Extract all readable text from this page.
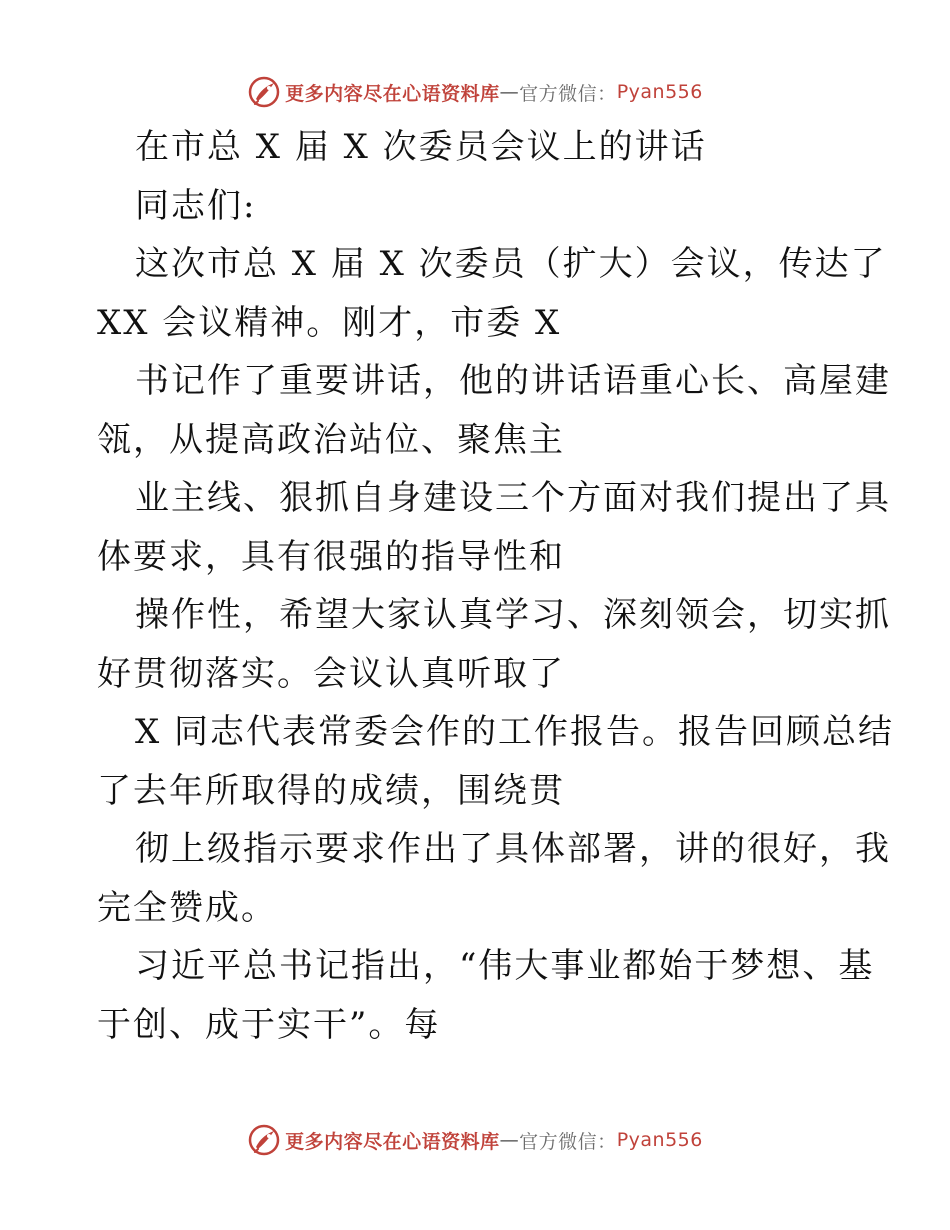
更多内容尽在心语资料库 — 官方微信： Pyan556
在市总 X 届 X 次委员会议上的讲话
同志们:
这次市总 X 届 X 次委员（扩大）会议，传达了
XX 会议精神。刚才，市委 X
书记作了重要讲话，他的讲话语重心长、高屋建
瓴，从提高政治站位、聚焦主
业主线、狠抓自身建设三个方面对我们提出了具
体要求，具有很强的指导性和
操作性，希望大家认真学习、深刻领会，切实抓
好贯彻落实。会议认真听取了
X 同志代表常委会作的工作报告。报告回顾总结
了去年所取得的成绩，围绕贯
彻上级指示要求作出了具体部署，讲的很好，我
完全赞成。
习近平总书记指出，“伟大事业都始于梦想、基
于创、成于实干”。每
更多内容尽在心语资料库 — 官方微信： Pyan556
